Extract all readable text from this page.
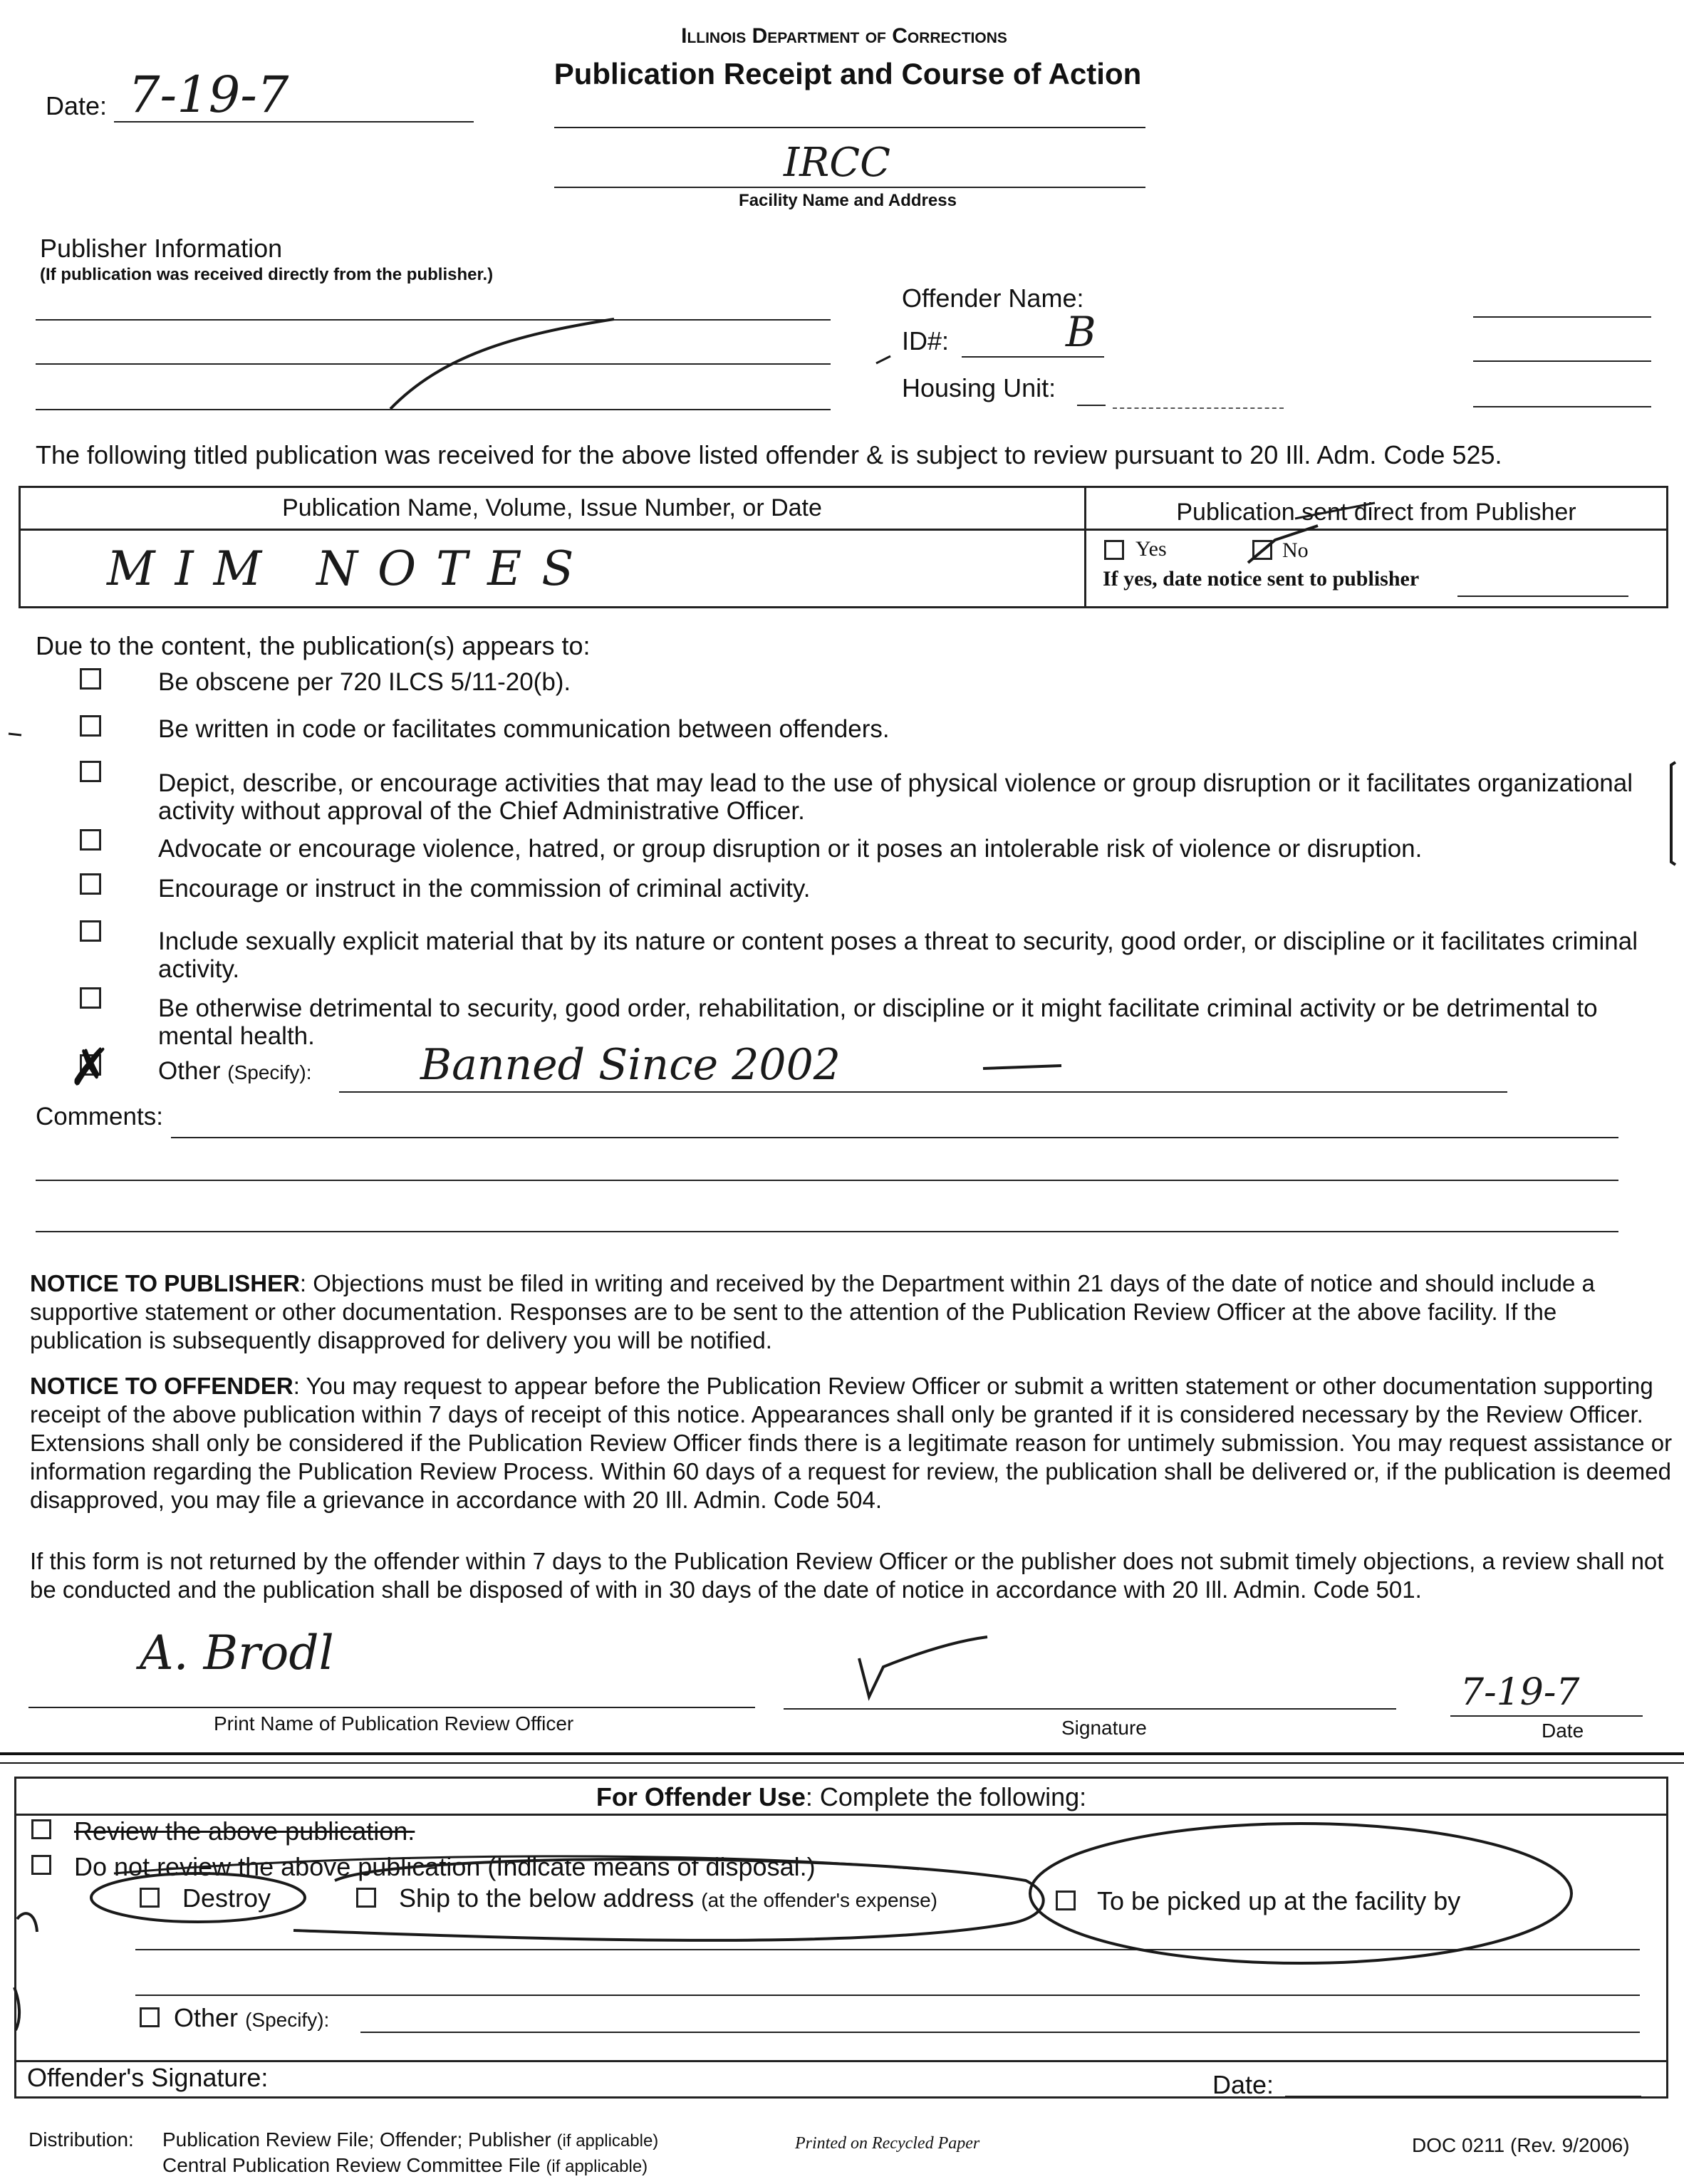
Illinois Department of Corrections
Publication Receipt and Course of Action
IRCC
Facility Name and Address
Date: 7-19-7
Publisher Information
(If publication was received directly from the publisher.)
Offender Name:
ID#:	B
Housing Unit:
The following titled publication was received for the above listed offender & is subject to review pursuant to 20 Ill. Adm. Code 525.
Publication Name, Volume, Issue Number, or Date	Publication sent direct from Publisher
MIM NOTES	Yes	No
If yes, date notice sent to publisher
Due to the content, the publication(s) appears to:
Be obscene per 720 ILCS 5/11-20(b).
Be written in code or facilitates communication between offenders.
Depict, describe, or encourage activities that may lead to the use of physical violence or group disruption or it facilitates organizational activity without approval of the Chief Administrative Officer.
Advocate or encourage violence, hatred, or group disruption or it poses an intolerable risk of violence or disruption.
Encourage or instruct in the commission of criminal activity.
Include sexually explicit material that by its nature or content poses a threat to security, good order, or discipline or it facilitates criminal activity.
Be otherwise detrimental to security, good order, rehabilitation, or discipline or it might facilitate criminal activity or be detrimental to mental health.
✗ Other (Specify):	Banned Since 2002
Comments:
NOTICE TO PUBLISHER: Objections must be filed in writing and received by the Department within 21 days of the date of notice and should include a supportive statement or other documentation. Responses are to be sent to the attention of the Publication Review Officer at the above facility. If the publication is subsequently disapproved for delivery you will be notified.
NOTICE TO OFFENDER: You may request to appear before the Publication Review Officer or submit a written statement or other documentation supporting receipt of the above publication within 7 days of receipt of this notice. Appearances shall only be granted if it is considered necessary by the Review Officer. Extensions shall only be considered if the Publication Review Officer finds there is a legitimate reason for untimely submission. You may request assistance or information regarding the Publication Review Process. Within 60 days of a request for review, the publication shall be delivered or, if the publication is deemed disapproved, you may file a grievance in accordance with 20 Ill. Admin. Code 504.
If this form is not returned by the offender within 7 days to the Publication Review Officer or the publisher does not submit timely objections, a review shall not be conducted and the publication shall be disposed of with in 30 days of the date of notice in accordance with 20 Ill. Admin. Code 501.
A. Brodl
Print Name of Publication Review Officer	Signature
7-19-7
Date
For Offender Use: Complete the following:
Review the above publication.
Do not review the above publication (Indicate means of disposal.)
Destroy	Ship to the below address (at the offender's expense)	To be picked up at the facility by
Other (Specify):
Offender's Signature:	Date:
Distribution: Publication Review File; Offender; Publisher (if applicable)
Central Publication Review Committee File (if applicable)
Printed on Recycled Paper	DOC 0211 (Rev. 9/2006)
